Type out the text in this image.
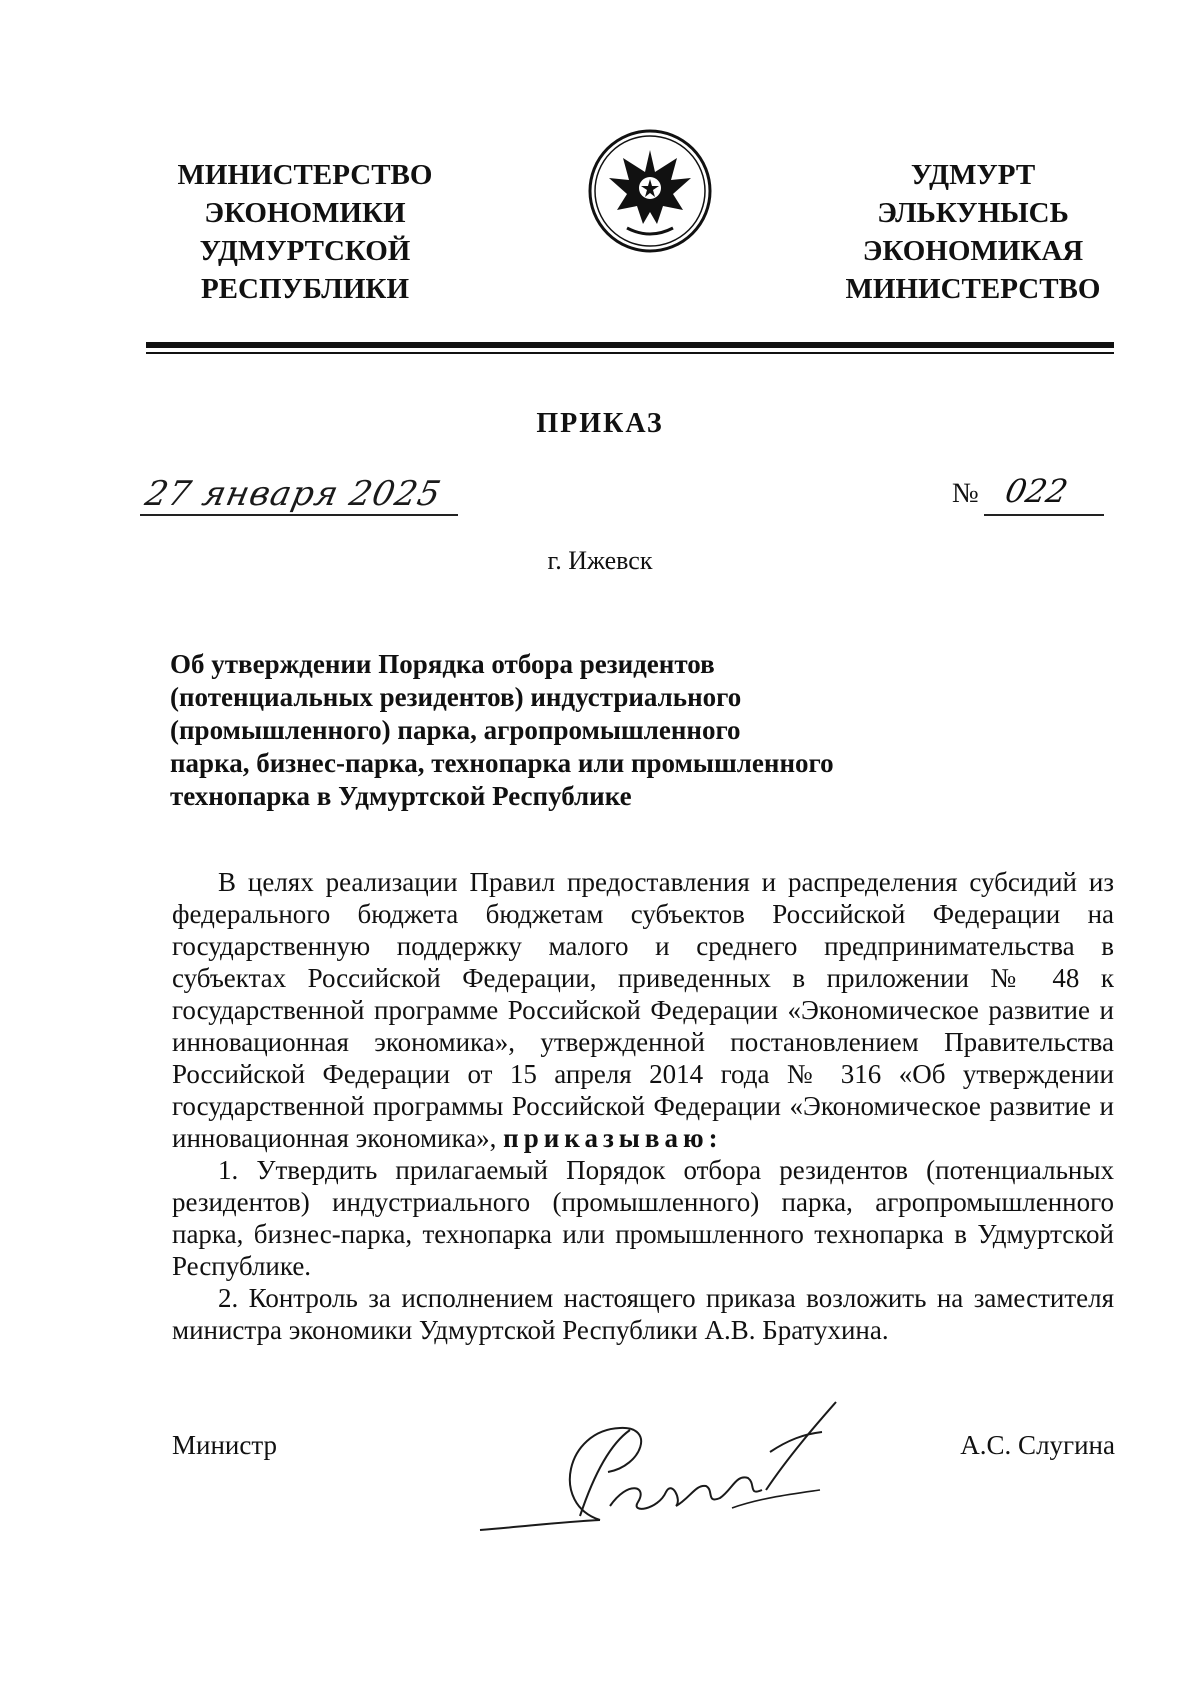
МИНИСТЕРСТВО
ЭКОНОМИКИ
УДМУРТСКОЙ
РЕСПУБЛИКИ
УДМУРТ
ЭЛЬКУНЫСЬ
ЭКОНОМИКАЯ
МИНИСТЕРСТВО
ПРИКАЗ
27 января 2025	№ 022
г. Ижевск
Об утверждении Порядка отбора резидентов
(потенциальных резидентов) индустриального
(промышленного) парка, агропромышленного
парка, бизнес-парка, технопарка или промышленного
технопарка в Удмуртской Республике

В целях реализации Правил предоставления и распределения субсидий из федерального бюджета бюджетам субъектов Российской Федерации на государственную поддержку малого и среднего предпринимательства в субъектах Российской Федерации, приведенных в приложении № 48 к государственной программе Российской Федерации «Экономическое развитие и инновационная экономика», утвержденной постановлением Правительства Российской Федерации от 15 апреля 2014 года № 316 «Об утверждении государственной программы Российской Федерации «Экономическое развитие и инновационная экономика», приказываю:

1. Утвердить прилагаемый Порядок отбора резидентов (потенциальных резидентов) индустриального (промышленного) парка, агропромышленного парка, бизнес-парка, технопарка или промышленного технопарка в Удмуртской Республике.

2. Контроль за исполнением настоящего приказа возложить на заместителя министра экономики Удмуртской Республики А.В. Братухина.

Министр	А.С. Слугина
